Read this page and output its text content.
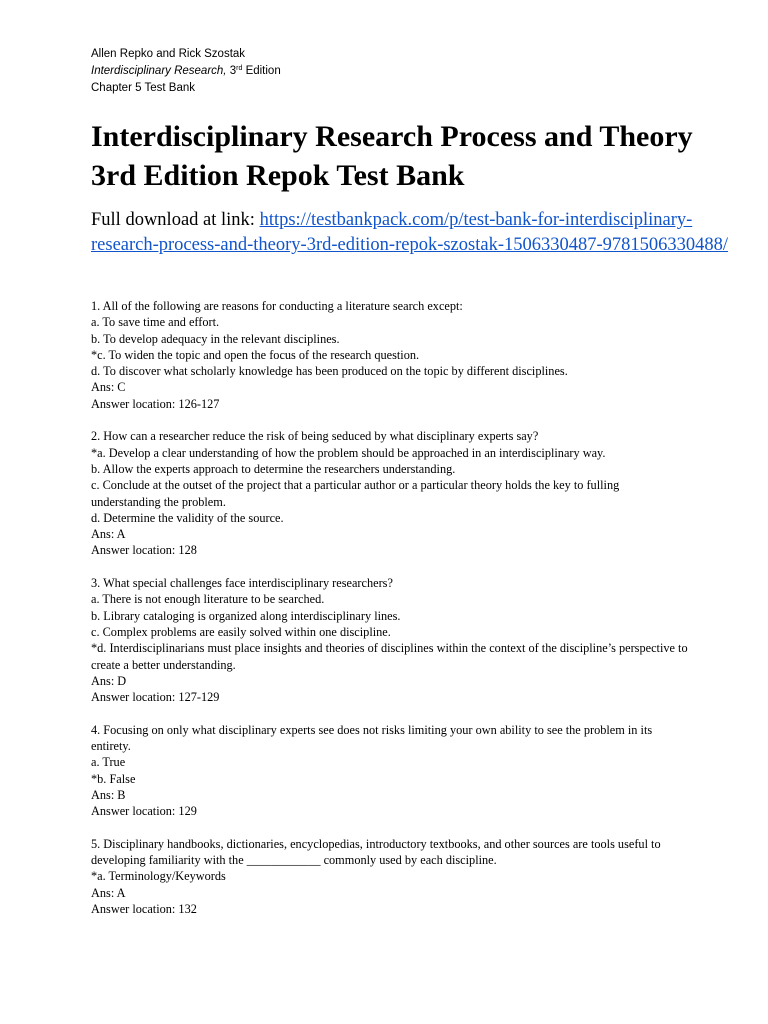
Allen Repko and Rick Szostak
Interdisciplinary Research, 3rd Edition
Chapter 5 Test Bank
Interdisciplinary Research Process and Theory 3rd Edition Repok Test Bank
Full download at link: https://testbankpack.com/p/test-bank-for-interdisciplinary-research-process-and-theory-3rd-edition-repok-szostak-1506330487-9781506330488/
1. All of the following are reasons for conducting a literature search except:
a. To save time and effort.
b. To develop adequacy in the relevant disciplines.
*c. To widen the topic and open the focus of the research question.
d. To discover what scholarly knowledge has been produced on the topic by different disciplines.
Ans: C
Answer location: 126-127
2. How can a researcher reduce the risk of being seduced by what disciplinary experts say?
*a. Develop a clear understanding of how the problem should be approached in an interdisciplinary way.
b. Allow the experts approach to determine the researchers understanding.
c. Conclude at the outset of the project that a particular author or a particular theory holds the key to fulling understanding the problem.
d. Determine the validity of the source.
Ans: A
Answer location: 128
3. What special challenges face interdisciplinary researchers?
a. There is not enough literature to be searched.
b. Library cataloging is organized along interdisciplinary lines.
c. Complex problems are easily solved within one discipline.
*d. Interdisciplinarians must place insights and theories of disciplines within the context of the discipline’s perspective to create a better understanding.
Ans: D
Answer location: 127-129
4. Focusing on only what disciplinary experts see does not risks limiting your own ability to see the problem in its entirety.
a. True
*b. False
Ans: B
Answer location: 129
5. Disciplinary handbooks, dictionaries, encyclopedias, introductory textbooks, and other sources are tools useful to developing familiarity with the ____________ commonly used by each discipline.
*a. Terminology/Keywords
Ans: A
Answer location: 132
